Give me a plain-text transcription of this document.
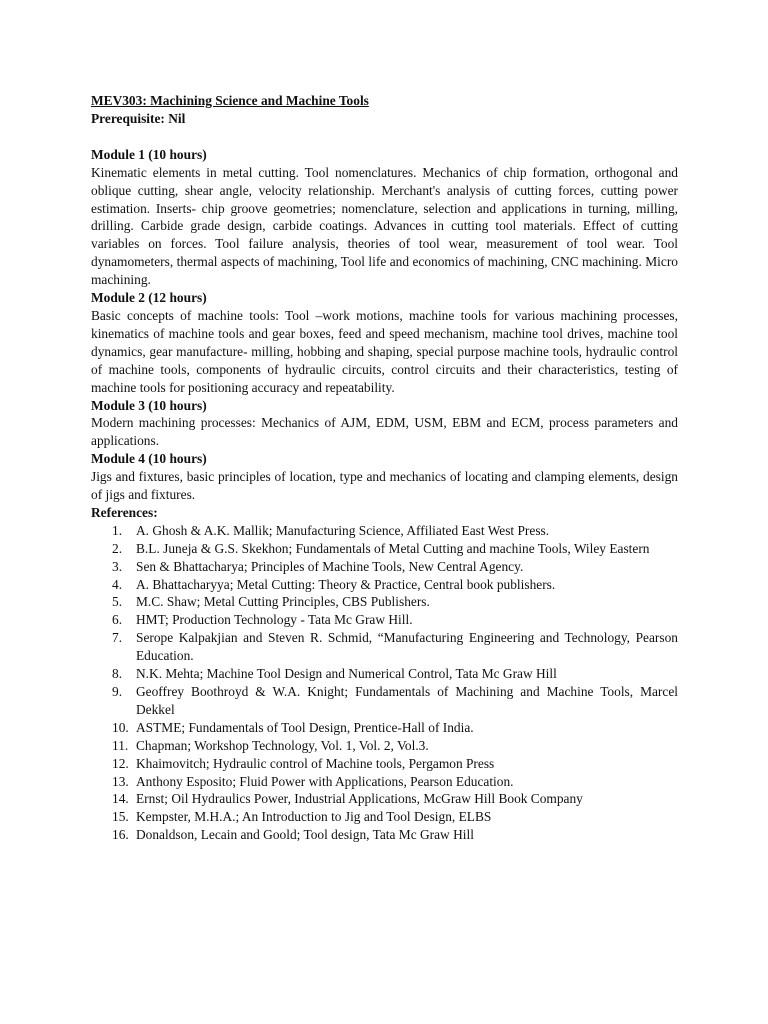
MEV303: Machining Science and Machine Tools
Prerequisite: Nil
Module 1 (10 hours)

Kinematic elements in metal cutting. Tool nomenclatures. Mechanics of chip formation, orthogonal and oblique cutting, shear angle, velocity relationship. Merchant's analysis of cutting forces, cutting power estimation. Inserts- chip groove geometries; nomenclature, selection and applications in turning, milling, drilling. Carbide grade design, carbide coatings. Advances in cutting tool materials. Effect of cutting variables on forces. Tool failure analysis, theories of tool wear, measurement of tool wear. Tool dynamometers, thermal aspects of machining, Tool life and economics of machining, CNC machining. Micro machining.

Module 2 (12 hours)

Basic concepts of machine tools: Tool –work motions, machine tools for various machining processes, kinematics of machine tools and gear boxes, feed and speed mechanism, machine tool drives, machine tool dynamics, gear manufacture- milling, hobbing and shaping, special purpose machine tools, hydraulic control of machine tools, components of hydraulic circuits, control circuits and their characteristics, testing of machine tools for positioning accuracy and repeatability.

Module 3 (10 hours)

Modern machining processes: Mechanics of AJM, EDM, USM, EBM and ECM, process parameters and applications.

Module 4 (10 hours)

Jigs and fixtures, basic principles of location, type and mechanics of locating and clamping elements, design of jigs and fixtures.

References:
1. A. Ghosh & A.K. Mallik; Manufacturing Science, Affiliated East West Press.
2. B.L. Juneja & G.S. Skekhon; Fundamentals of Metal Cutting and machine Tools, Wiley Eastern
3. Sen & Bhattacharya; Principles of Machine Tools, New Central Agency.
4. A. Bhattacharyya; Metal Cutting: Theory & Practice, Central book publishers.
5. M.C. Shaw; Metal Cutting Principles, CBS Publishers.
6. HMT; Production Technology - Tata Mc Graw Hill.
7. Serope Kalpakjian and Steven R. Schmid, “Manufacturing Engineering and Technology, Pearson Education.
8. N.K. Mehta; Machine Tool Design and Numerical Control, Tata Mc Graw Hill
9. Geoffrey Boothroyd & W.A. Knight; Fundamentals of Machining and Machine Tools, Marcel Dekkel
10. ASTME; Fundamentals of Tool Design, Prentice-Hall of India.
11. Chapman; Workshop Technology, Vol. 1, Vol. 2, Vol.3.
12. Khaimovitch; Hydraulic control of Machine tools, Pergamon Press
13. Anthony Esposito; Fluid Power with Applications, Pearson Education.
14. Ernst; Oil Hydraulics Power, Industrial Applications, McGraw Hill Book Company
15. Kempster, M.H.A.; An Introduction to Jig and Tool Design, ELBS
16. Donaldson, Lecain and Goold; Tool design, Tata Mc Graw Hill
